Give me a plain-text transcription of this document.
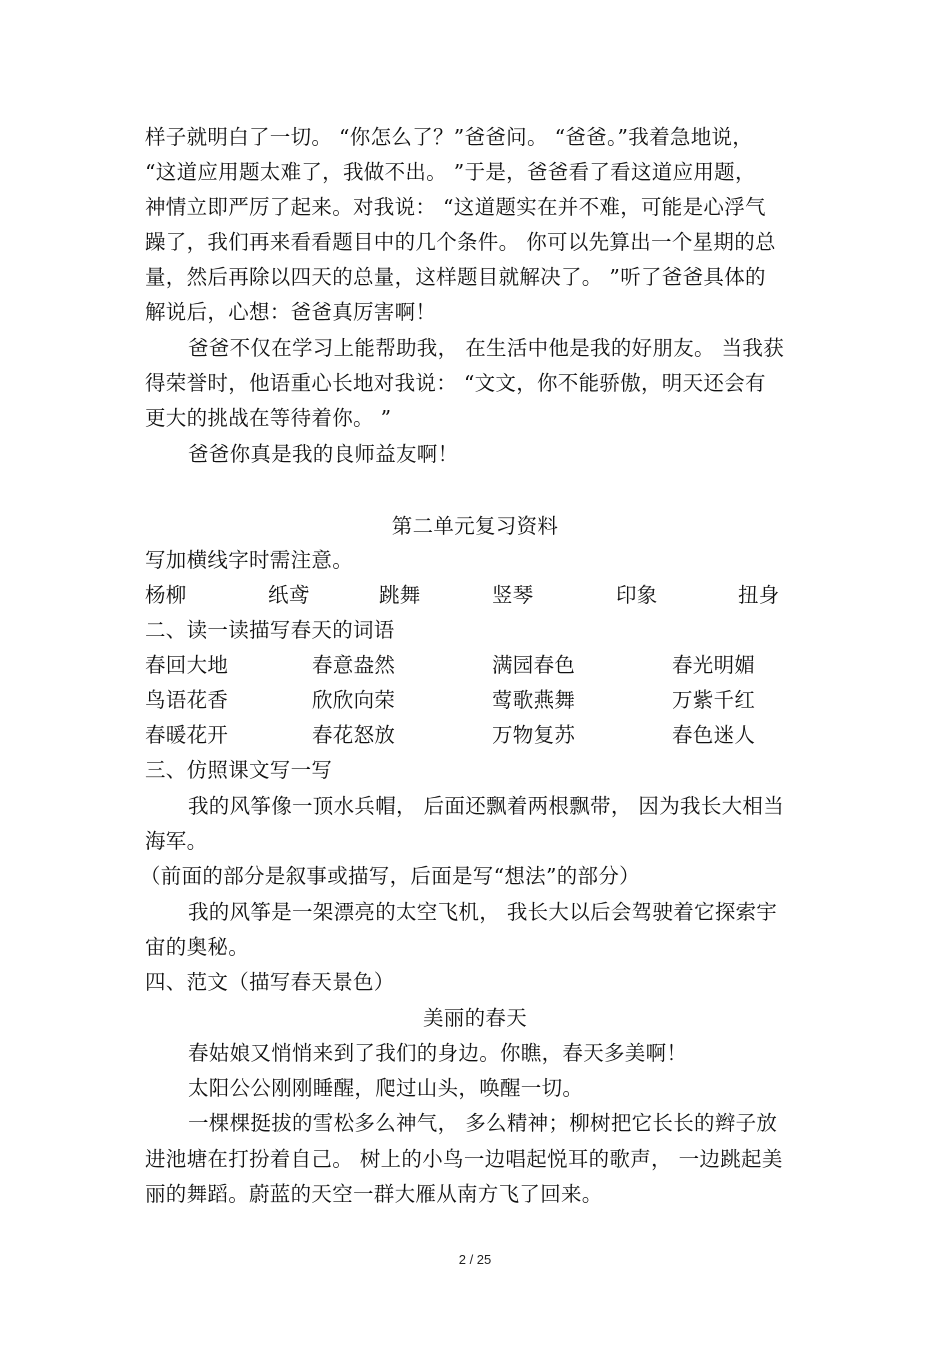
样子就明白了一切。 “你怎么了？”爸爸问。 “爸爸。”我着急地说，
“这道应用题太难了，我做不出。 ”于是，爸爸看了看这道应用题，
神情立即严厉了起来。对我说： “这道题实在并不难，可能是心浮气
躁了，我们再来看看题目中的几个条件。 你可以先算出一个星期的总
量，然后再除以四天的总量，这样题目就解决了。 ”听了爸爸具体的
解说后，心想：爸爸真厉害啊！
爸爸不仅在学习上能帮助我， 在生活中他是我的好朋友。 当我获
得荣誉时，他语重心长地对我说： “文文，你不能骄傲，明天还会有
更大的挑战在等待着你。 ”
爸爸你真是我的良师益友啊！
第二单元复习资料
写加横线字时需注意。
杨柳	纸鸢	跳舞	竖琴	印象	扭身
二、读一读描写春天的词语
春回大地	春意盎然	满园春色	春光明媚
鸟语花香	欣欣向荣	莺歌燕舞	万紫千红
春暖花开	春花怒放	万物复苏	春色迷人
三、仿照课文写一写
我的风筝像一顶水兵帽， 后面还飘着两根飘带， 因为我长大相当
海军。
（前面的部分是叙事或描写，后面是写“想法”的部分）
我的风筝是一架漂亮的太空飞机， 我长大以后会驾驶着它探索宇
宙的奥秘。
四、范文（描写春天景色）
美丽的春天
春姑娘又悄悄来到了我们的身边。你瞧，春天多美啊！
太阳公公刚刚睡醒，爬过山头，唤醒一切。
一棵棵挺拔的雪松多么神气， 多么精神；柳树把它长长的辫子放
进池塘在打扮着自己。 树上的小鸟一边唱起悦耳的歌声， 一边跳起美
丽的舞蹈。蔚蓝的天空一群大雁从南方飞了回来。
2 / 25
